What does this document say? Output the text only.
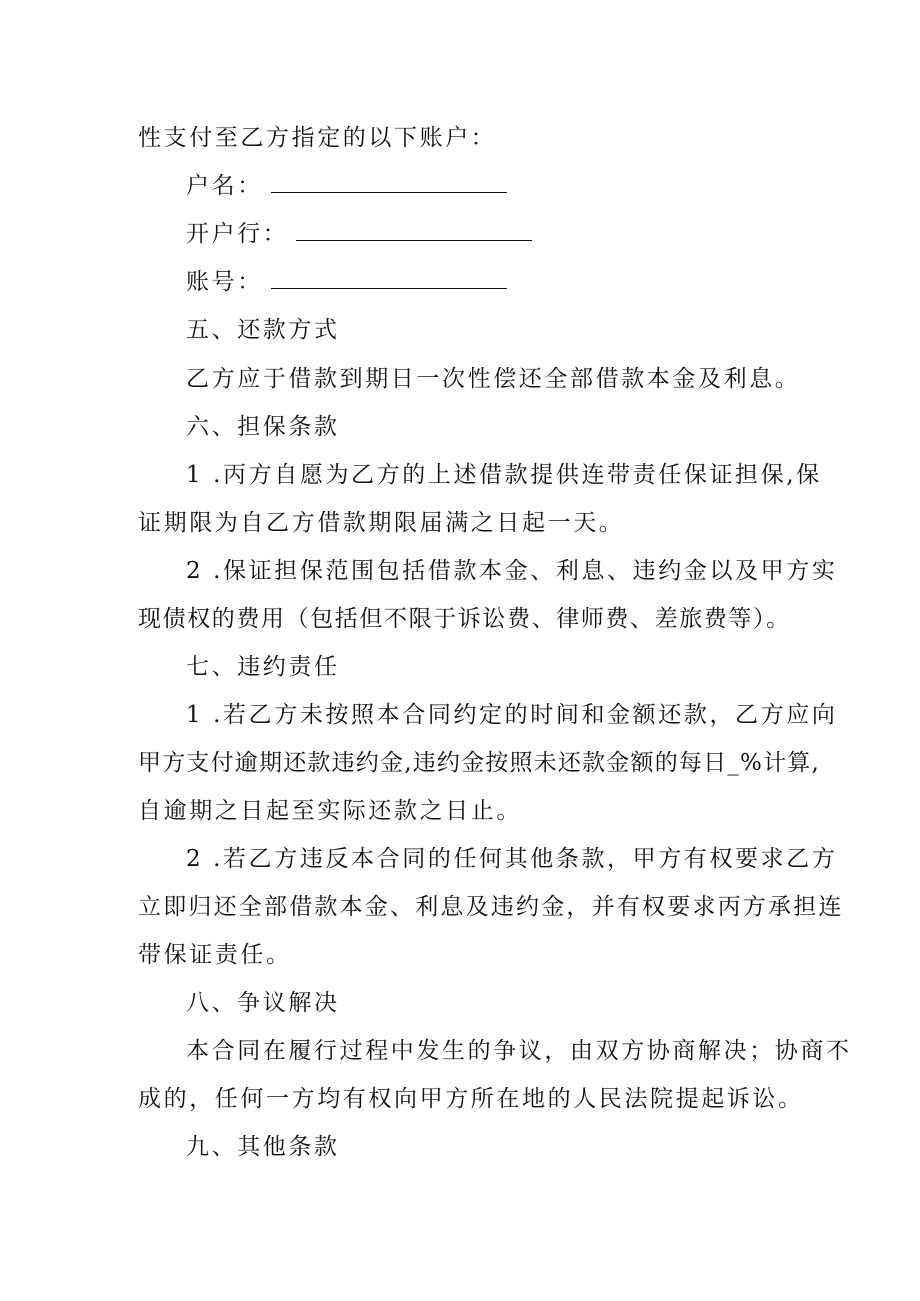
性支付至乙方指定的以下账户：
户名：
开户行：
账号：
五、还款方式
乙方应于借款到期日一次性偿还全部借款本金及利息。
六、担保条款
1 .丙方自愿为乙方的上述借款提供连带责任保证担保,保
证期限为自乙方借款期限届满之日起一天。
2 .保证担保范围包括借款本金、利息、违约金以及甲方实
现债权的费用（包括但不限于诉讼费、律师费、差旅费等）。
七、违约责任
1 .若乙方未按照本合同约定的时间和金额还款，乙方应向
甲方支付逾期还款违约金,违约金按照未还款金额的每日_%计算,
自逾期之日起至实际还款之日止。
2 .若乙方违反本合同的任何其他条款，甲方有权要求乙方
立即归还全部借款本金、利息及违约金，并有权要求丙方承担连
带保证责任。
八、争议解决
本合同在履行过程中发生的争议，由双方协商解决；协商不
成的，任何一方均有权向甲方所在地的人民法院提起诉讼。
九、其他条款
